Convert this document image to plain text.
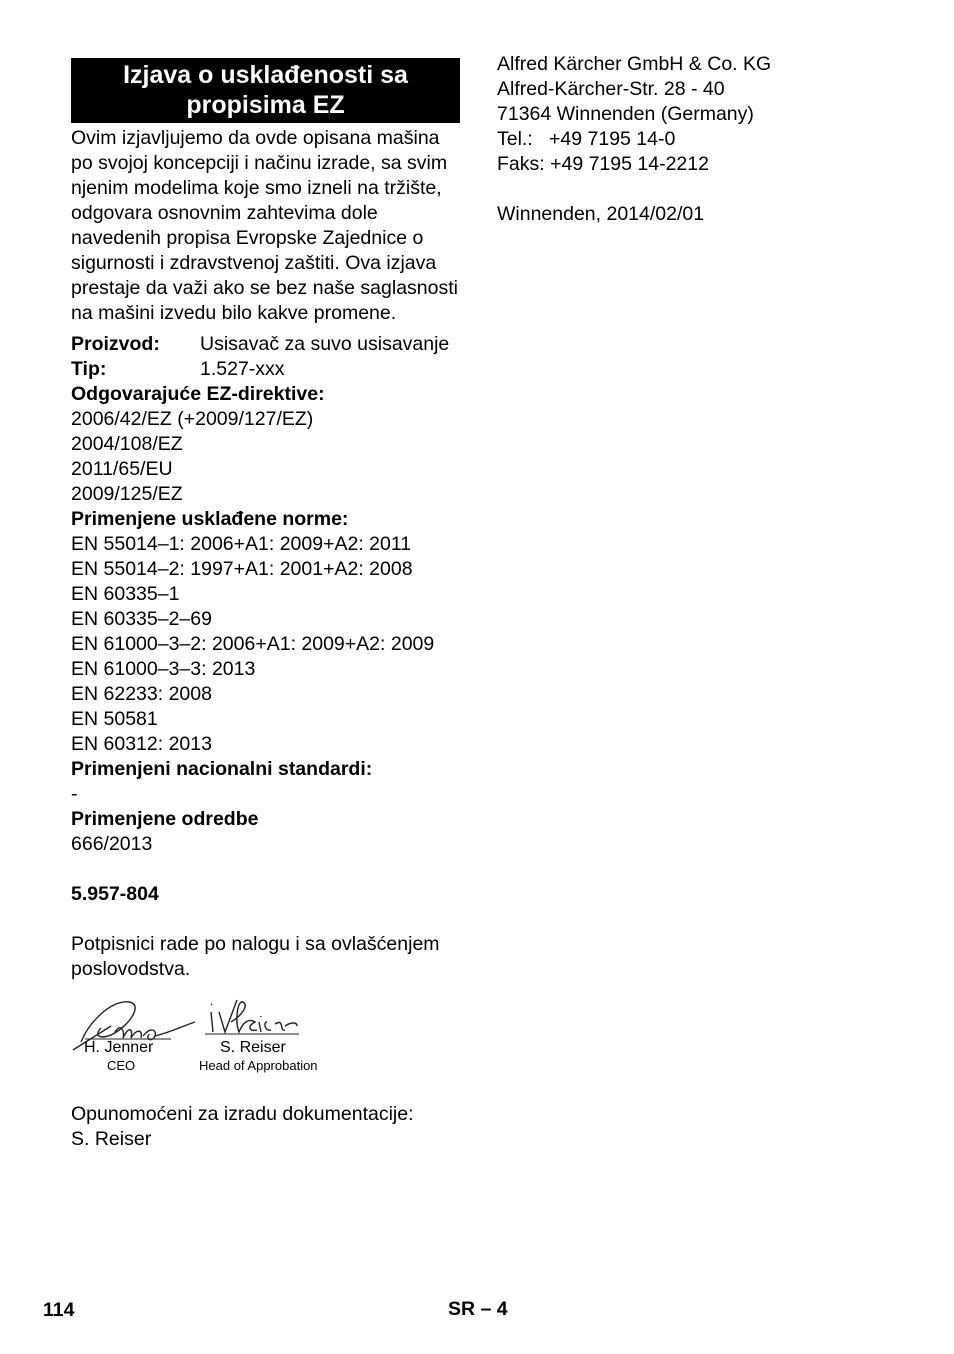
Izjava o usklađenosti sa
propisima EZ

Ovim izjavljujemo da ovde opisana mašina po svojoj koncepciji i načinu izrade, sa svim njenim modelima koje smo izneli na tržište, odgovara osnovnim zahtevima dole navedenih propisa Evropske Zajednice o sigurnosti i zdravstvenoj zaštiti. Ova izjava prestaje da važi ako se bez naše saglasnosti na mašini izvedu bilo kakve promene.

Proizvod:	Usisavač za suvo usisavanje
Tip:	1.527-xxx
Odgovarajuće EZ-direktive:
2006/42/EZ (+2009/127/EZ)
2004/108/EZ
2011/65/EU
2009/125/EZ
Primenjene usklađene norme:
EN 55014–1: 2006+A1: 2009+A2: 2011
EN 55014–2: 1997+A1: 2001+A2: 2008
EN 60335–1
EN 60335–2–69
EN 61000–3–2: 2006+A1: 2009+A2: 2009
EN 61000–3–3: 2013
EN 62233: 2008
EN 50581
EN 60312: 2013
Primenjeni nacionalni standardi:
-
Primenjene odredbe
666/2013
5.957-804

Potpisnici rade po nalogu i sa ovlašćenjem poslovodstva.

H. Jenner
CEO
S. Reiser
Head of Approbation
Opunomoćeni za izradu dokumentacije:
S. Reiser
Alfred Kärcher GmbH & Co. KG
Alfred-Kärcher-Str. 28 - 40
71364 Winnenden (Germany)
Tel.:   +49 7195 14-0
Faks: +49 7195 14-2212
Winnenden, 2014/02/01
114	SR – 4
